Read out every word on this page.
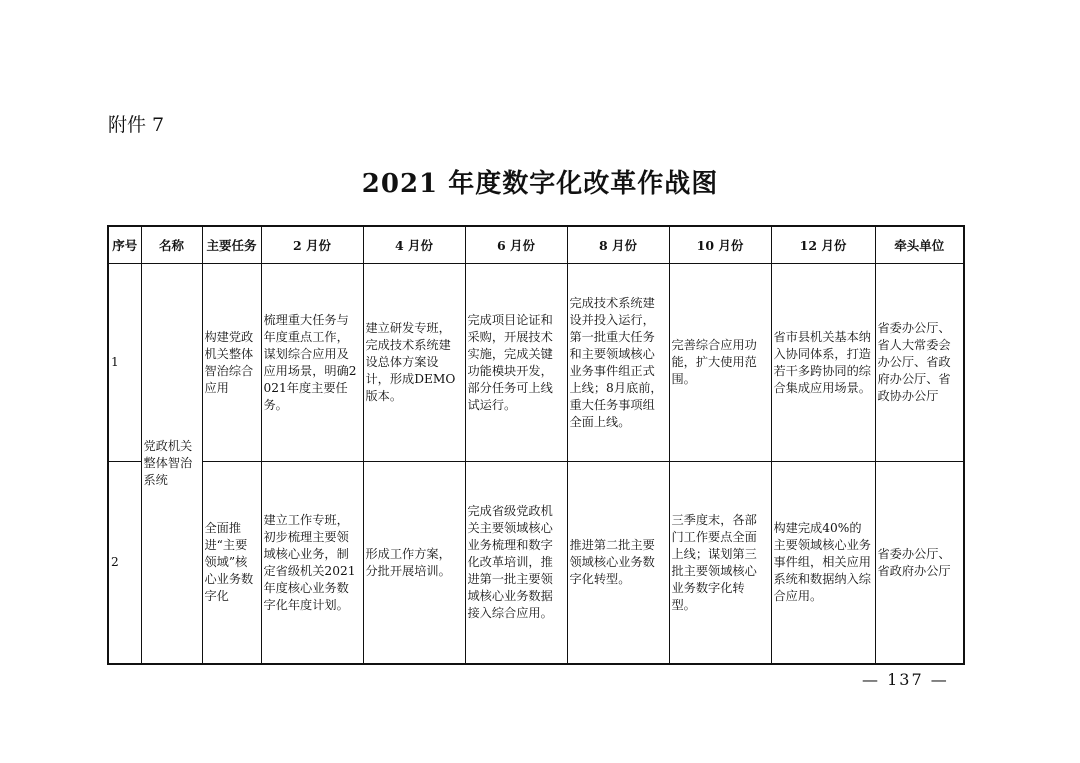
附件 7
2021 年度数字化改革作战图
序号	名称	主要任务	2 月份	4 月份	6 月份	8 月份	10 月份	12 月份	牵头单位
1	党政机关整体智治系统	构建党政机关整体智治综合应用	梳理重大任务与年度重点工作，谋划综合应用及应用场景，明确2021年度主要任务。	建立研发专班，完成技术系统建设总体方案设计，形成DEMO版本。	完成项目论证和采购，开展技术实施，完成关键功能模块开发，部分任务可上线试运行。	完成技术系统建设并投入运行，第一批重大任务和主要领域核心业务事件组正式上线；8月底前，重大任务事项组全面上线。	完善综合应用功能，扩大使用范围。	省市县机关基本纳入协同体系，打造若干多跨协同的综合集成应用场景。	省委办公厅、省人大常委会办公厅、省政府办公厅、省政协办公厅
2		全面推进“主要领域”核心业务数字化	建立工作专班，初步梳理主要领域核心业务，制定省级机关2021年度核心业务数字化年度计划。	形成工作方案，分批开展培训。	完成省级党政机关主要领域核心业务梳理和数字化改革培训，推进第一批主要领域核心业务数据接入综合应用。	推进第二批主要领域核心业务数字化转型。	三季度末，各部门工作要点全面上线；谋划第三批主要领域核心业务数字化转型。	构建完成40%的主要领域核心业务事件组，相关应用系统和数据纳入综合应用。	省委办公厅、省政府办公厅
— 137 —
